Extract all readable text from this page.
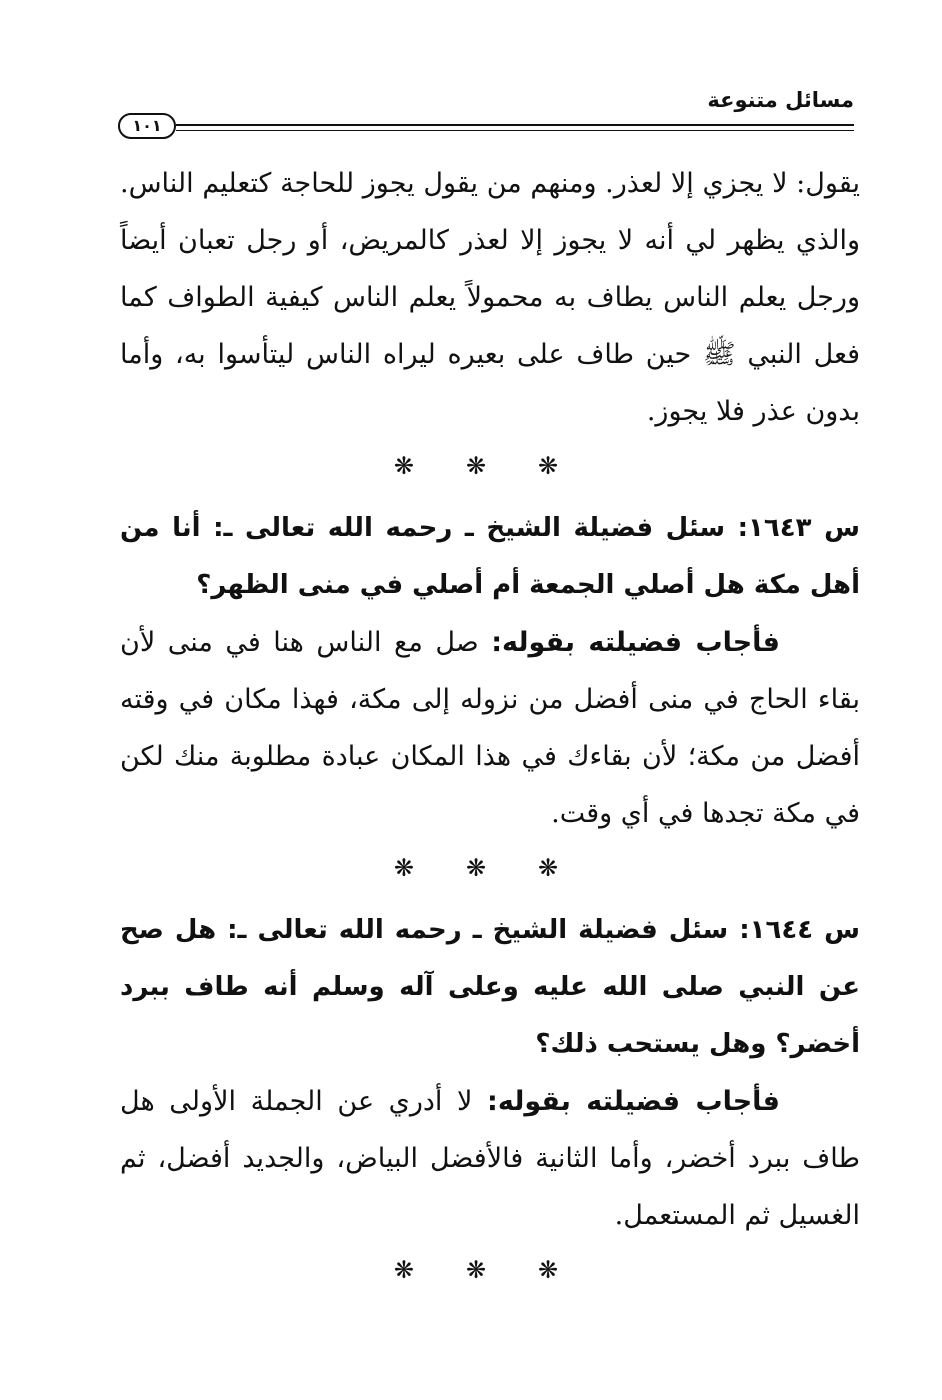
مسائل متنوعة
١٠١

يقول: لا يجزي إلا لعذر. ومنهم من يقول يجوز للحاجة كتعليم الناس. والذي يظهر لي أنه لا يجوز إلا لعذر كالمريض، أو رجل تعبان أيضاً ورجل يعلم الناس يطاف به محمولاً يعلم الناس كيفية الطواف كما فعل النبي ﷺ حين طاف على بعيره ليراه الناس ليتأسوا به، وأما بدون عذر فلا يجوز.

❋ ❋ ❋

س ١٦٤٣: سئل فضيلة الشيخ ـ رحمه الله تعالى ـ: أنا من أهل مكة هل أصلي الجمعة أم أصلي في منى الظهر؟

فأجاب فضيلته بقوله: صل مع الناس هنا في منى لأن بقاء الحاج في منى أفضل من نزوله إلى مكة، فهذا مكان في وقته أفضل من مكة؛ لأن بقاءك في هذا المكان عبادة مطلوبة منك لكن في مكة تجدها في أي وقت.

❋ ❋ ❋

س ١٦٤٤: سئل فضيلة الشيخ ـ رحمه الله تعالى ـ: هل صح عن النبي صلى الله عليه وعلى آله وسلم أنه طاف ببرد أخضر؟ وهل يستحب ذلك؟

فأجاب فضيلته بقوله: لا أدري عن الجملة الأولى هل طاف ببرد أخضر، وأما الثانية فالأفضل البياض، والجديد أفضل، ثم الغسيل ثم المستعمل.

❋ ❋ ❋
